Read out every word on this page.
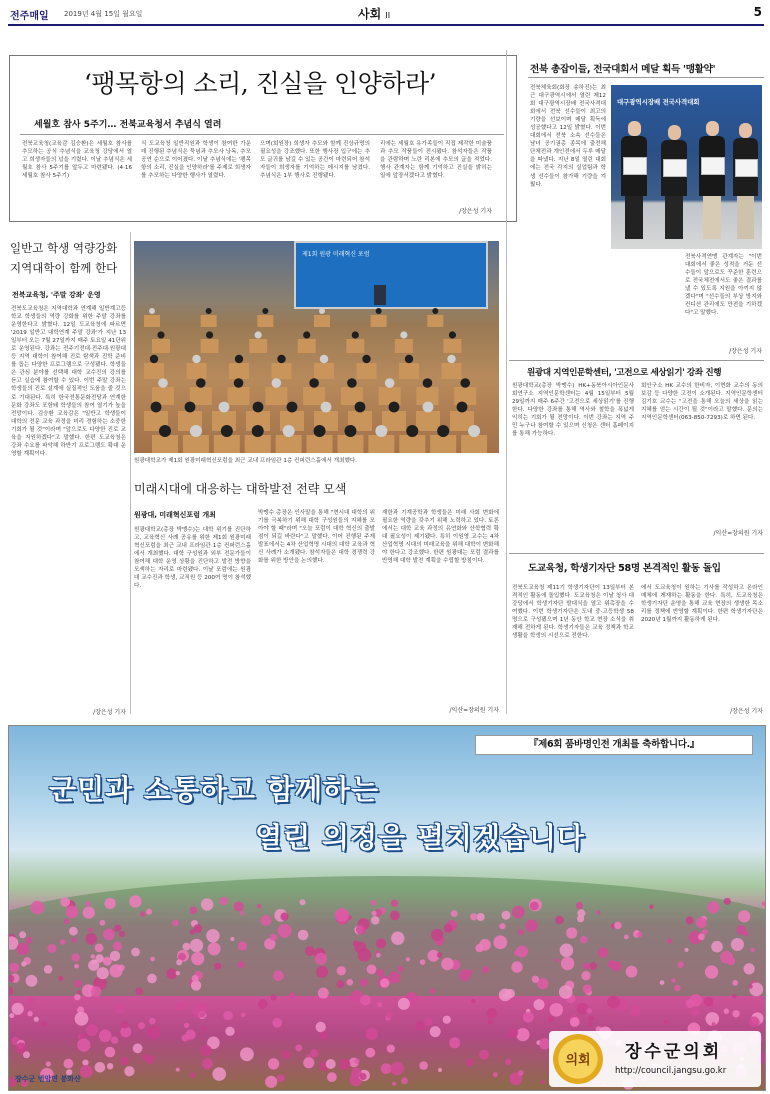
전주매일 2019년 4월 15일 월요일	사회 II	5
‘팽목항의 소리, 진실을 인양하라’
세월호 참사 5주기… 전북교육청서 추념식 열려
전북교육청(교육감 김승환)은 세월호 참사를 추모하는 공식 추념식을 교육청 강당에서 열고 희생자들의 넋을 기렸다. 이날 추념식은 세월호 참사 5주기를 앞두고 마련됐다. (4·16 세월호 참사 5주기)
식 도교육청 일반직원과 학생이 참여한 가운데 진행된 추념식은 묵념과 추모사 낭독, 추모 공연 순으로 이어졌다. 이날 추념식에는 '팽목항의 소리, 진실을 인양하라'를 주제로 희생자를 추모하는 다양한 행사가 열렸다.
으며(회원장) 희생자 추모와 함께 진상규명의 필요성을 강조했다. 또한 행사장 입구에는 추모 글귀를 남길 수 있는 공간이 마련되어 참석자들이 희생자를 기억하는 메시지를 남겼다. 추념식은 1부 행사로 진행됐다.
리에는 세월호 유가족들이 직접 제작한 미술품과 추모 작품들이 전시됐다. 참석자들은 작품을 관람하며 노란 리본에 추모의 글을 적었다. 행사 관계자는 함께 기억하고 진실을 밝히는 일에 앞장서겠다고 밝혔다.
/장은성 기자
전북 총잡이들, 전국대회서 메달 획득 '맹활약'
전북체육회(회장 송하진)는 최근 대구광역시에서 열린 제12회 대구광역시장배 전국사격대회에서 전북 선수들이 최고의 기량을 선보이며 메달 획득에 성공했다고 12일 밝혔다. 이번 대회에서 전북 소속 선수들은 남녀 공기권총 종목에 출전해 단체전과 개인전에서 두루 메달을 따냈다. 지난 8일 열린 대회에는 전국 각지의 실업팀과 학생 선수들이 참가해 기량을 겨뤘다.
대구광역시장배 전국사격대회
전북사격연맹 관계자는 "이번 대회에서 좋은 성적을 거둔 선수들이 앞으로도 꾸준한 훈련으로 전국체전에서도 좋은 결과를 낼 수 있도록 지원을 아끼지 않겠다"며 "선수들의 부상 방지와 컨디션 관리에도 만전을 기하겠다"고 말했다.
/장은성 기자
일반고 학생 역량강화
지역대학이 함께 한다
전북교육청, '주말 강좌' 운영
전북도교육청은 지역대학과 연계해 일반계고등학교 학생들의 역량 강화를 위한 주말 강좌를 운영한다고 밝혔다. 12일 도교육청에 따르면 '2019 일반고 대학연계 주말 강좌'가 지난 13일부터 오는 7월 27일까지 매주 토요일 41단위로 운영된다. 강좌는 전주기전대·전주대·원광대 등 지역 대학이 참여해 진로 탐색과 진학 준비를 돕는 다양한 프로그램으로 구성됐다. 학생들은 관심 분야를 선택해 대학 교수진의 강의를 듣고 실습에 참여할 수 있다. 이번 주말 강좌는 학생들의 진로 설계에 실질적인 도움을 줄 것으로 기대된다. 특히 한국전통문화전당과 연계한 문화 강좌도 포함돼 학생들의 참여 열기가 높을 전망이다. 김승환 교육감은 "일반고 학생들이 대학의 전문 교육 과정을 미리 경험하는 소중한 기회가 될 것"이라며 "앞으로도 다양한 진로 교육을 지원하겠다"고 말했다. 한편 도교육청은 강좌 수요를 파악해 하반기 프로그램도 확대 운영할 계획이다.
/장은성 기자
제1회 원광 미래혁신 포럼
원광대학교가 제1회 원광미래혁신포럼을 최근 교내 프라임관 1층 컨퍼런스홀에서 개최했다.
미래시대에 대응하는 대학발전 전략 모색
원광대, 미래혁신포럼 개최
원광대학교(총장 박맹수)는 대학 위기를 진단하고, 교육혁신 사례 공유를 위한 제1회 원광미래혁신포럼을 최근 교내 프라임관 1층 컨퍼런스홀에서 개최했다. 대학 구성원과 외부 전문가들이 참여해 대학 운영 상황을 진단하고 발전 방향을 모색하는 자리로 마련됐다. 이날 포럼에는 원광대 교수진과 학생, 교직원 등 200여 명이 참석했다.
박맹수 총장은 인사말을 통해 "현시대 대학의 위기를 극복하기 위해 대학 구성원들의 지혜를 모아야 할 때"라며 "오늘 포럼이 대학 혁신의 출발점이 되길 바란다"고 말했다. 이어 진행된 주제 발표에서는 4차 산업혁명 시대의 대학 교육과 혁신 사례가 소개됐다. 참석자들은 대학 경쟁력 강화를 위한 방안을 논의했다.
재한과 기계공학과 학생들은 미래 사회 변화에 필요한 역량을 갖추기 위해 노력하고 있다. 토론에서는 대학 교육 과정의 유연화와 산학협력 확대 필요성이 제기됐다. 특히 이원영 교수는 4차 산업혁명 시대의 미래교육을 위해 대학이 변화해야 한다고 강조했다. 한편 원광대는 포럼 결과를 반영해 대학 발전 계획을 수립할 방침이다.
/익산=장의원 기자
원광대 지역인문학센터, '고전으로 세상읽기' 강좌 진행
원광대학교(총장 박맹수) HK+동북아시아인문사회연구소 지역인문학센터는 4월 15일부터 5월 29일까지 매주 6주간 '고전으로 세상읽기'를 진행한다. 다양한 강좌를 통해 역사와 철학을 폭넓게 익히는 기회가 될 전망이다. 이번 강좌는 지역 주민 누구나 참여할 수 있으며 신청은 센터 홈페이지를 통해 가능하다.
회안구소 HK 교수의 한비자, 이현화 교수의 동의보감 등 다양한 고전이 소개된다. 지역인문학센터 김기호 교수는 "고전을 통해 오늘의 세상을 읽는 지혜를 얻는 시간이 될 것"이라고 말했다. 문의는 지역인문학센터(063-850-7293)로 하면 된다.
/익산=장의원 기자
도교육청, 학생기자단 58명 본격적인 활동 돌입
전북도교육청 제11기 학생기자단이 13일부터 본격적인 활동에 돌입했다. 도교육청은 이날 청사 대강당에서 학생기자단 발대식을 열고 위촉장을 수여했다. 이번 학생기자단은 도내 중·고등학생 58명으로 구성됐으며 1년 동안 학교 현장 소식을 취재해 전하게 된다. 학생기자들은 교육 정책과 학교 생활을 학생의 시선으로 전한다.
에서 도교육청이 원하는 기사를 작성하고 온라인 매체에 게재하는 활동을 한다. 특히, 도교육청은 학생기자단 운영을 통해 교육 현장의 생생한 목소리를 정책에 반영할 계획이다. 한편 학생기자단은 2020년 1월까지 활동하게 된다.
/장은성 기자
『제6회 품바명인전 개최를 축하합니다.』
군민과 소통하고 함께하는
열린 의정을 펼치겠습니다
의회	장수군의회
http://council.jangsu.go.kr
장수군 번암면 봉화산
